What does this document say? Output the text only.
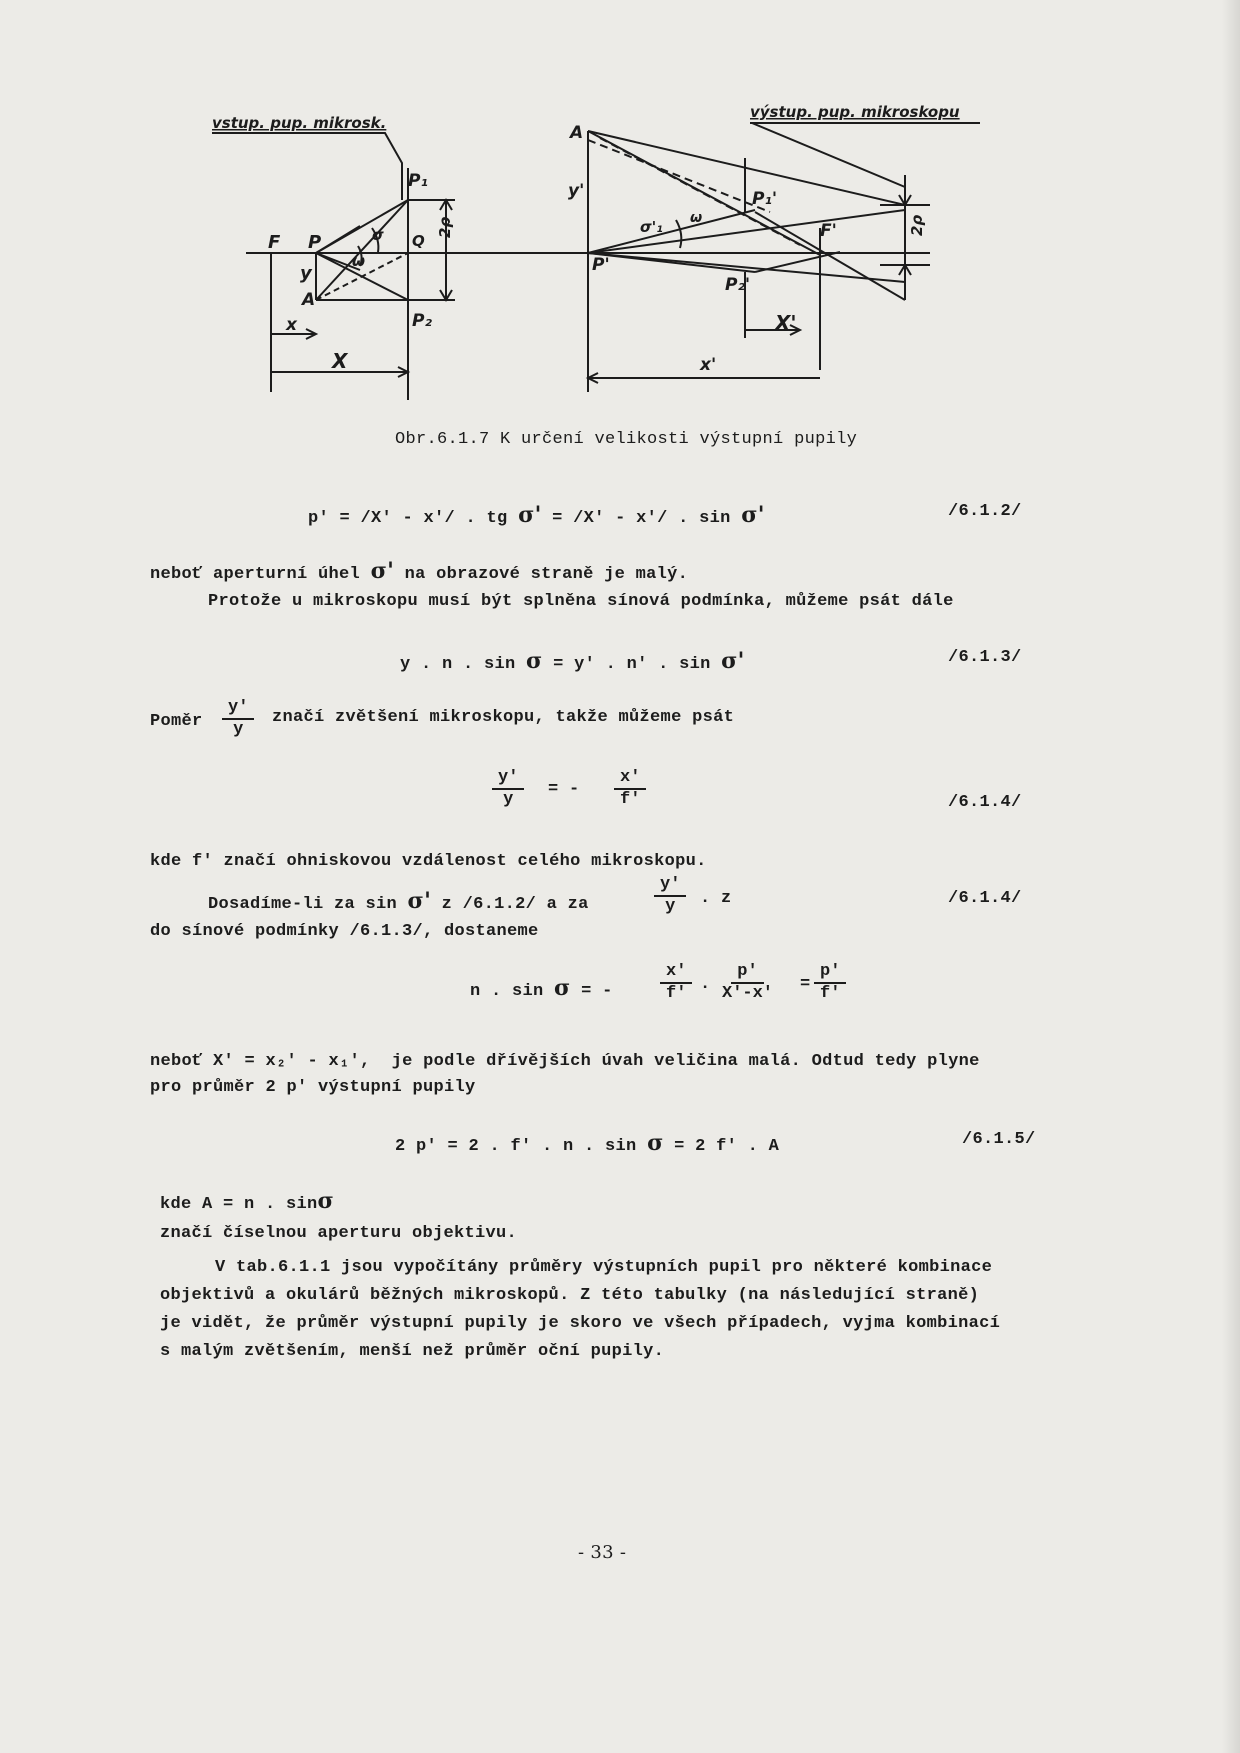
vstup. pup. mikrosk.
výstup. pup. mikroskopu
P₁
F P
y
A
σ
ω
Q
2ρ
P₂
x
X
A
y'
P'
σ'₁ ω
P₁'
F'	2ρ
P₂'
X'
x'
Obr.6.1.7 K určení velikosti výstupní pupily
p' = /X' - x'/ . tg σ' = /X' - x'/ . sin σ'	/6.1.2/
neboť aperturní úhel σ' na obrazové straně je malý.
Protože u mikroskopu musí být splněna sínová podmínka, můžeme psát dále
y . n . sin σ = y' . n' . sin σ'	/6.1.3/
Poměr $\frac{y'}{y}$ značí zvětšení mikroskopu, takže můžeme psát
$\frac{y'}{y}$ = - $\frac{x'}{f'}$	/6.1.4/
kde f' značí ohniskovou vzdálenost celého mikroskopu.
Dosadíme-li za sin σ' z /6.1.2/ a za	$\frac{y'}{y}$ . z	/6.1.4/
do sínové podmínky /6.1.3/, dostaneme
n . sin σ = -	$\frac{x'}{f'}$ . $\frac{p'}{X'-x'} = \frac{p'}{f'}$
neboť X' = x₂' - x₁', je podle dřívějších úvah veličina malá. Odtud tedy plyne
pro průměr 2 p' výstupní pupily
2 p' = 2 . f' . n . sin σ = 2 f' . A	/6.1.5/
kde A = n . sinσ
značí číselnou aperturu objektivu.
V tab.6.1.1 jsou vypočítány průměry výstupních pupil pro některé kombinace
objektivů a okulárů běžných mikroskopů. Z této tabulky (na následující straně)
je vidět, že průměr výstupní pupily je skoro ve všech případech, vyjma kombinací
s malým zvětšením, menší než průměr oční pupily.
- 33 -
